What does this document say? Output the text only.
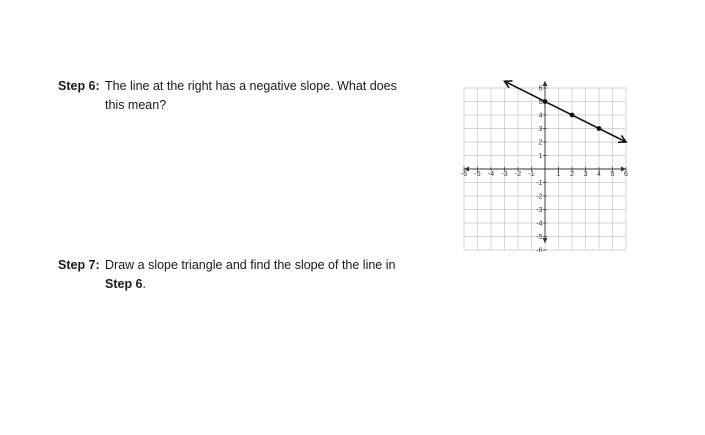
Step 6: The line at the right has a negative slope. What does
this mean?
Step 7: Draw a slope triangle and find the slope of the line in
Step 6.
-6 -5 -4 -3 -2 -1	1 2 3 4 5 6
6
5
4
3
2
1
-1
-2
-3
-4
-5
-6
